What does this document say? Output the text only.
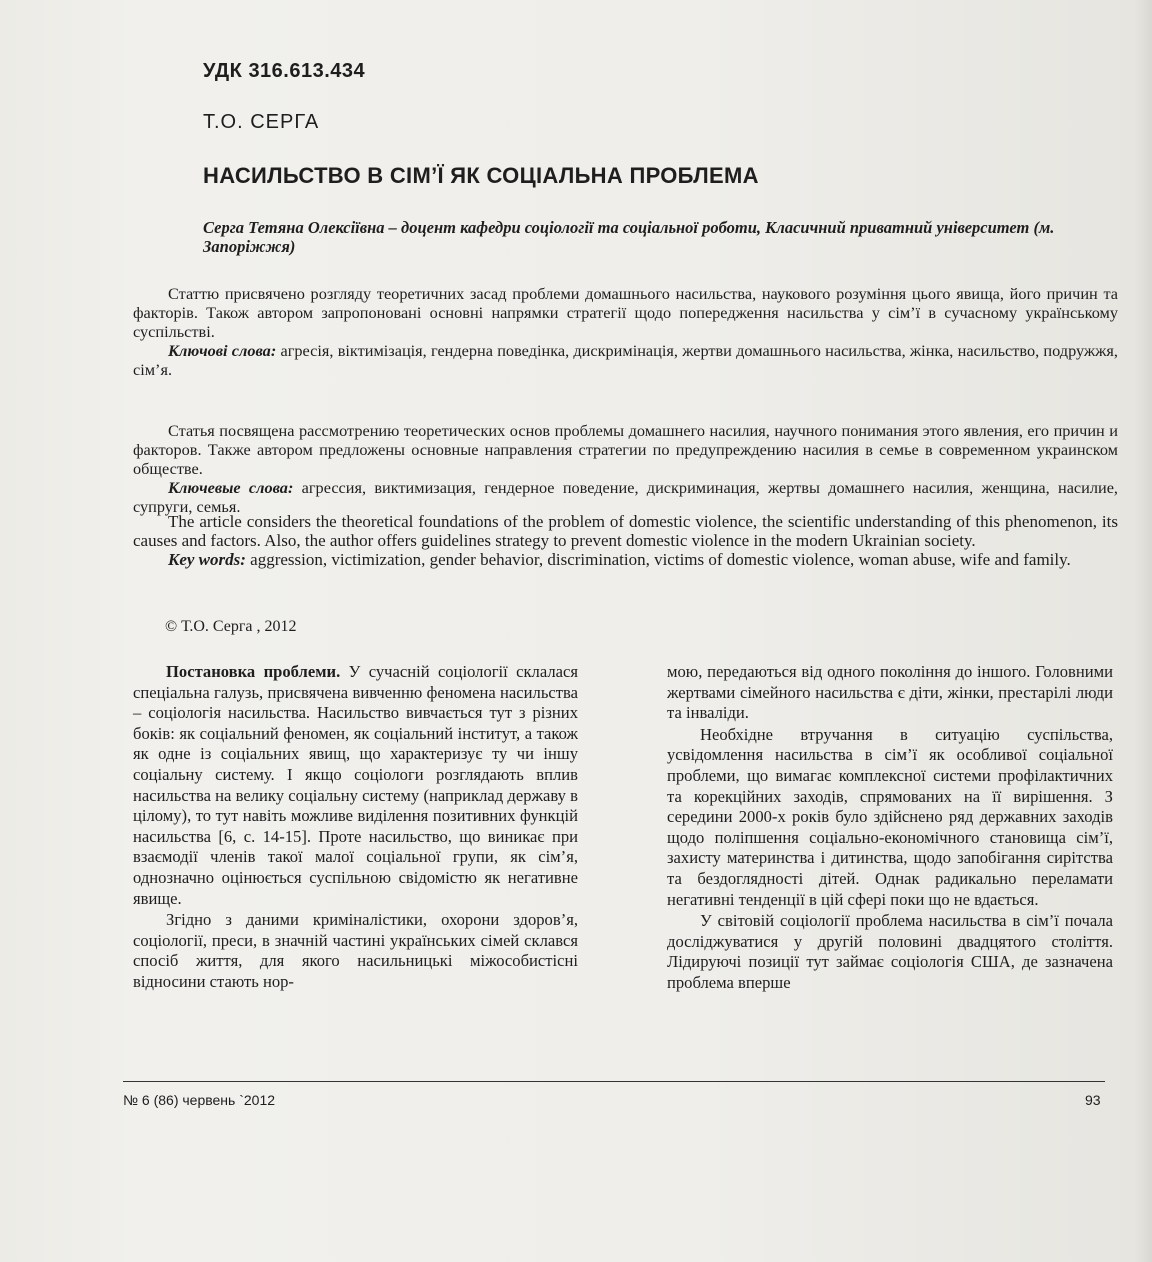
УДК 316.613.434
Т.О. СЕРГА
НАСИЛЬСТВО В СІМ’Ї ЯК СОЦІАЛЬНА ПРОБЛЕМА
Серга Тетяна Олексіївна – доцент кафедри соціології та соціальної роботи, Класичний приватний університет (м. Запоріжжя)

Статтю присвячено розгляду теоретичних засад проблеми домашнього насильства, наукового розуміння цього явища, його причин та факторів. Також автором запропоновані основні напрямки стратегії щодо попередження насильства у сім’ї в сучасному українському суспільстві.

Ключові слова: агресія, віктимізація, гендерна поведінка, дискримінація, жертви домашнього насильства, жінка, насильство, подружжя, сім’я.

Статья посвящена рассмотрению теоретических основ проблемы домашнего насилия, научного понимания этого явления, его причин и факторов. Также автором предложены основные направления стратегии по предупреждению насилия в семье в современном украинском обществе.

Ключевые слова: агрессия, виктимизация, гендерное поведение, дискриминация, жертвы домашнего насилия, женщина, насилие, супруги, семья.

The article considers the theoretical foundations of the problem of domestic violence, the scientific understanding of this phenomenon, its causes and factors. Also, the author offers guidelines strategy to prevent domestic violence in the modern Ukrainian society.

Key words: aggression, victimization, gender behavior, discrimination, victims of domestic violence, woman abuse, wife and family.

© Т.О. Серга , 2012

Постановка проблеми. У сучасній соціології склалася спеціальна галузь, присвячена вивченню феномена насильства – соціологія насильства. Насильство вивчається тут з різних боків: як соціальний феномен, як соціальний інститут, а також як одне із соціальних явищ, що характеризує ту чи іншу соціальну систему. І якщо соціологи розглядають вплив насильства на велику соціальну систему (наприклад державу в цілому), то тут навіть можливе виділення позитивних функцій насильства [6, с. 14-15]. Проте насильство, що виникає при взаємодії членів такої малої соціальної групи, як сім’я, однозначно оцінюється суспільною свідомістю як негативне явище.

Згідно з даними криміналістики, охорони здоров’я, соціології, преси, в значній частині українських сімей склався спосіб життя, для якого насильницькі міжособистісні відносини стають нор-

мою, передаються від одного покоління до іншого. Головними жертвами сімейного насильства є діти, жінки, престарілі люди та інваліди.

Необхідне втручання в ситуацію суспільства, усвідомлення насильства в сім’ї як особливої соціальної проблеми, що вимагає комплексної системи профілактичних та корекційних заходів, спрямованих на її вирішення. З середини 2000-х років було здійснено ряд державних заходів щодо поліпшення соціально-економічного становища сім’ї, захисту материнства і дитинства, щодо запобігання сирітства та бездоглядності дітей. Однак радикально переламати негативні тенденції в цій сфері поки що не вдається.

У світовій соціології проблема насильства в сім’ї почала досліджуватися у другій половині двадцятого століття. Лідируючі позиції тут займає соціологія США, де зазначена проблема вперше

№ 6 (86) червень `2012	93
